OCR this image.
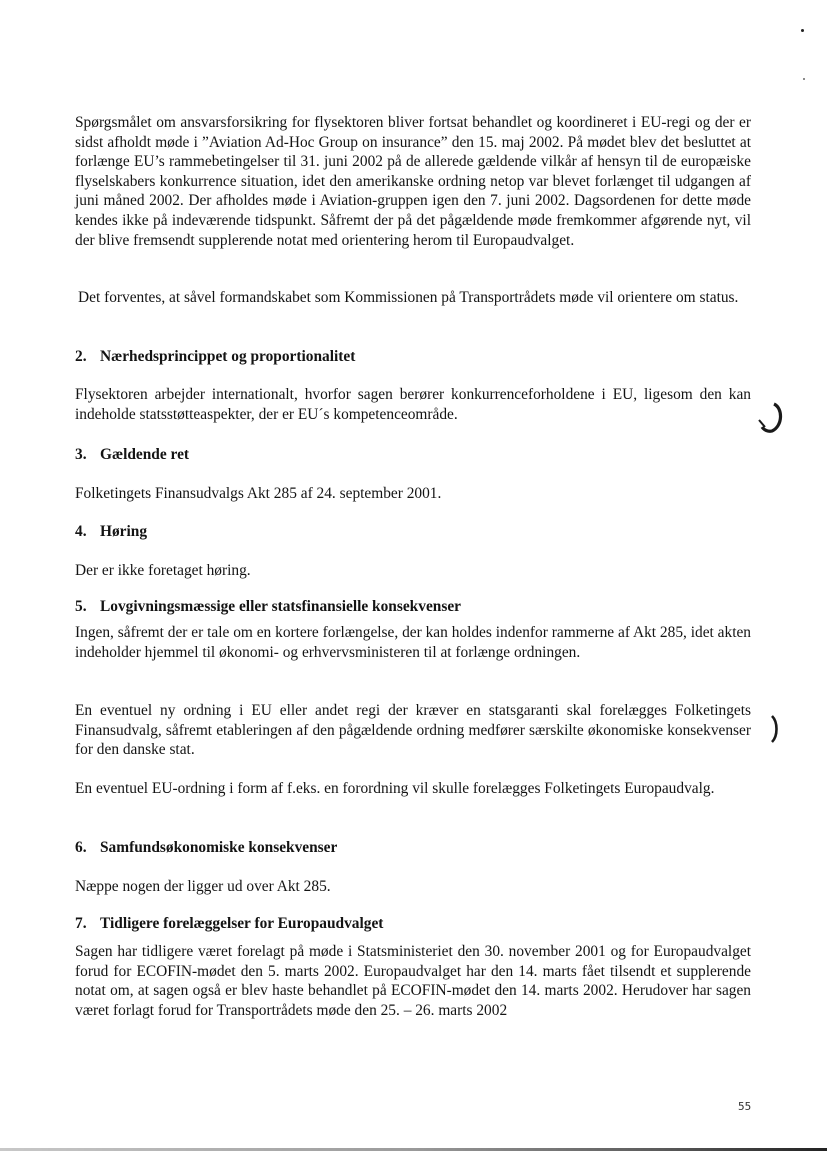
Spørgsmålet om ansvarsforsikring for flysektoren bliver fortsat behandlet og koordineret i EU-regi og der er sidst afholdt møde i ”Aviation Ad-Hoc Group on insurance” den 15. maj 2002. På mødet blev det besluttet at forlænge EU’s rammebetingelser til 31. juni 2002 på de allerede gældende vilkår af hensyn til de europæiske flyselskabers konkurrence situation, idet den amerikanske ordning netop var blevet forlænget til udgangen af juni måned 2002. Der afholdes møde i Aviation-gruppen igen den 7. juni 2002. Dagsordenen for dette møde kendes ikke på indeværende tidspunkt. Såfremt der på det pågældende møde fremkommer afgørende nyt, vil der blive fremsendt supplerende notat med orientering herom til Europaudvalget.

Det forventes, at såvel formandskabet som Kommissionen på Transportrådets møde vil orientere om status.

2. Nærhedsprincippet og proportionalitet

Flysektoren arbejder internationalt, hvorfor sagen berører konkurrenceforholdene i EU, ligesom den kan indeholde statsstøtteaspekter, der er EU´s kompetenceområde.

3. Gældende ret

Folketingets Finansudvalgs Akt 285 af 24. september 2001.

4. Høring

Der er ikke foretaget høring.

5. Lovgivningsmæssige eller statsfinansielle konsekvenser

Ingen, såfremt der er tale om en kortere forlængelse, der kan holdes indenfor rammerne af Akt 285, idet akten indeholder hjemmel til økonomi- og erhvervsministeren til at forlænge ordningen.

En eventuel ny ordning i EU eller andet regi der kræver en statsgaranti skal forelægges Folketingets Finansudvalg, såfremt etableringen af den pågældende ordning medfører særskilte økonomiske konsekvenser for den danske stat.

En eventuel EU-ordning i form af f.eks. en forordning vil skulle forelægges Folketingets Europaudvalg.

6. Samfundsøkonomiske konsekvenser

Næppe nogen der ligger ud over Akt 285.

7. Tidligere forelæggelser for Europaudvalget

Sagen har tidligere været forelagt på møde i Statsministeriet den 30. november 2001 og for Europaudvalget forud for ECOFIN-mødet den 5. marts 2002. Europaudvalget har den 14. marts fået tilsendt et supplerende notat om, at sagen også er blev haste behandlet på ECOFIN-mødet den 14. marts 2002. Herudover har sagen været forlagt forud for Transportrådets møde den 25. – 26. marts 2002

55
